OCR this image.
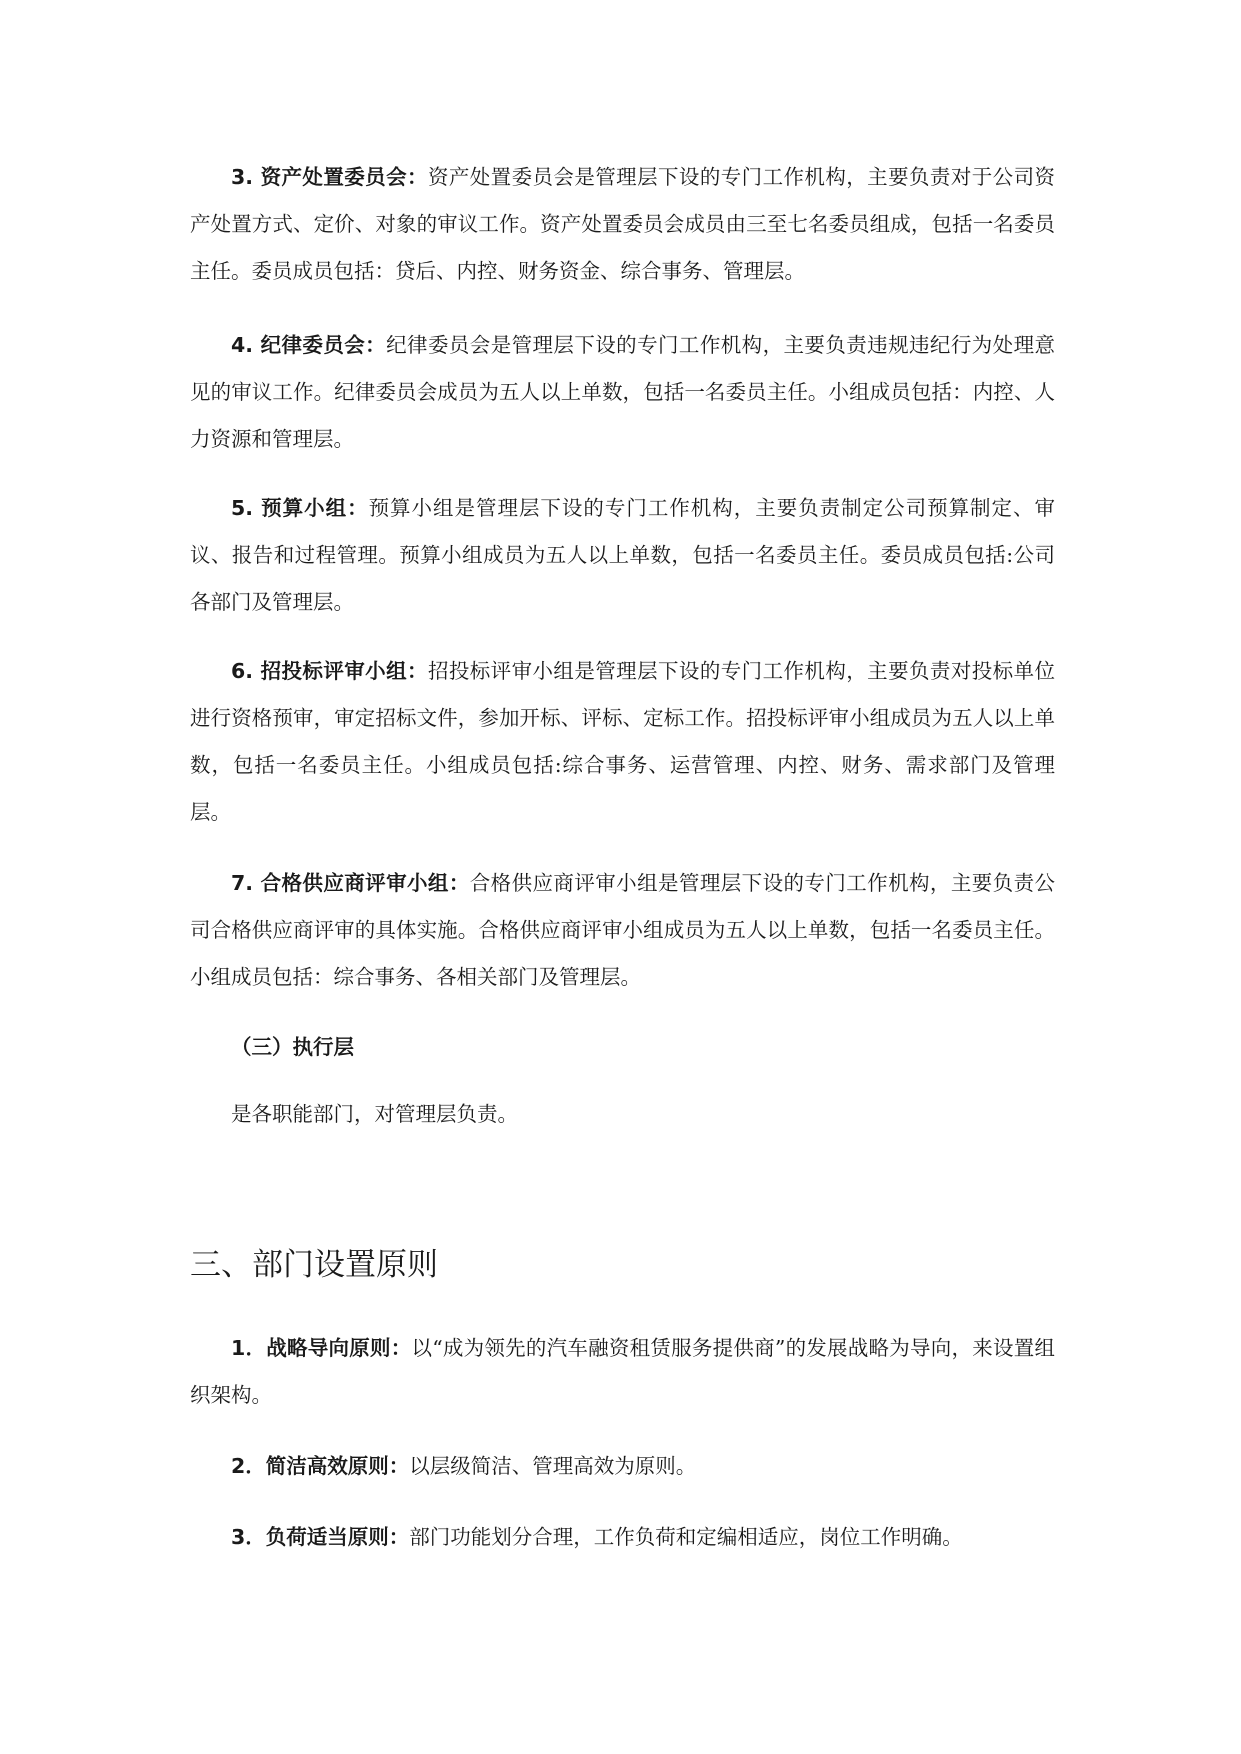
3. 资产处置委员会：资产处置委员会是管理层下设的专门工作机构，主要负责对于公司资产处置方式、定价、对象的审议工作。资产处置委员会成员由三至七名委员组成，包括一名委员主任。委员成员包括：贷后、内控、财务资金、综合事务、管理层。

4. 纪律委员会：纪律委员会是管理层下设的专门工作机构，主要负责违规违纪行为处理意见的审议工作。纪律委员会成员为五人以上单数，包括一名委员主任。小组成员包括：内控、人力资源和管理层。

5. 预算小组：预算小组是管理层下设的专门工作机构，主要负责制定公司预算制定、审议、报告和过程管理。预算小组成员为五人以上单数，包括一名委员主任。委员成员包括:公司各部门及管理层。

6. 招投标评审小组：招投标评审小组是管理层下设的专门工作机构，主要负责对投标单位进行资格预审，审定招标文件，参加开标、评标、定标工作。招投标评审小组成员为五人以上单数，包括一名委员主任。小组成员包括:综合事务、运营管理、内控、财务、需求部门及管理层。

7. 合格供应商评审小组：合格供应商评审小组是管理层下设的专门工作机构，主要负责公司合格供应商评审的具体实施。合格供应商评审小组成员为五人以上单数，包括一名委员主任。小组成员包括：综合事务、各相关部门及管理层。

（三）执行层

是各职能部门，对管理层负责。

三、部门设置原则

1．战略导向原则：以“成为领先的汽车融资租赁服务提供商”的发展战略为导向，来设置组织架构。

2．简洁高效原则：以层级简洁、管理高效为原则。

3．负荷适当原则：部门功能划分合理，工作负荷和定编相适应，岗位工作明确。
